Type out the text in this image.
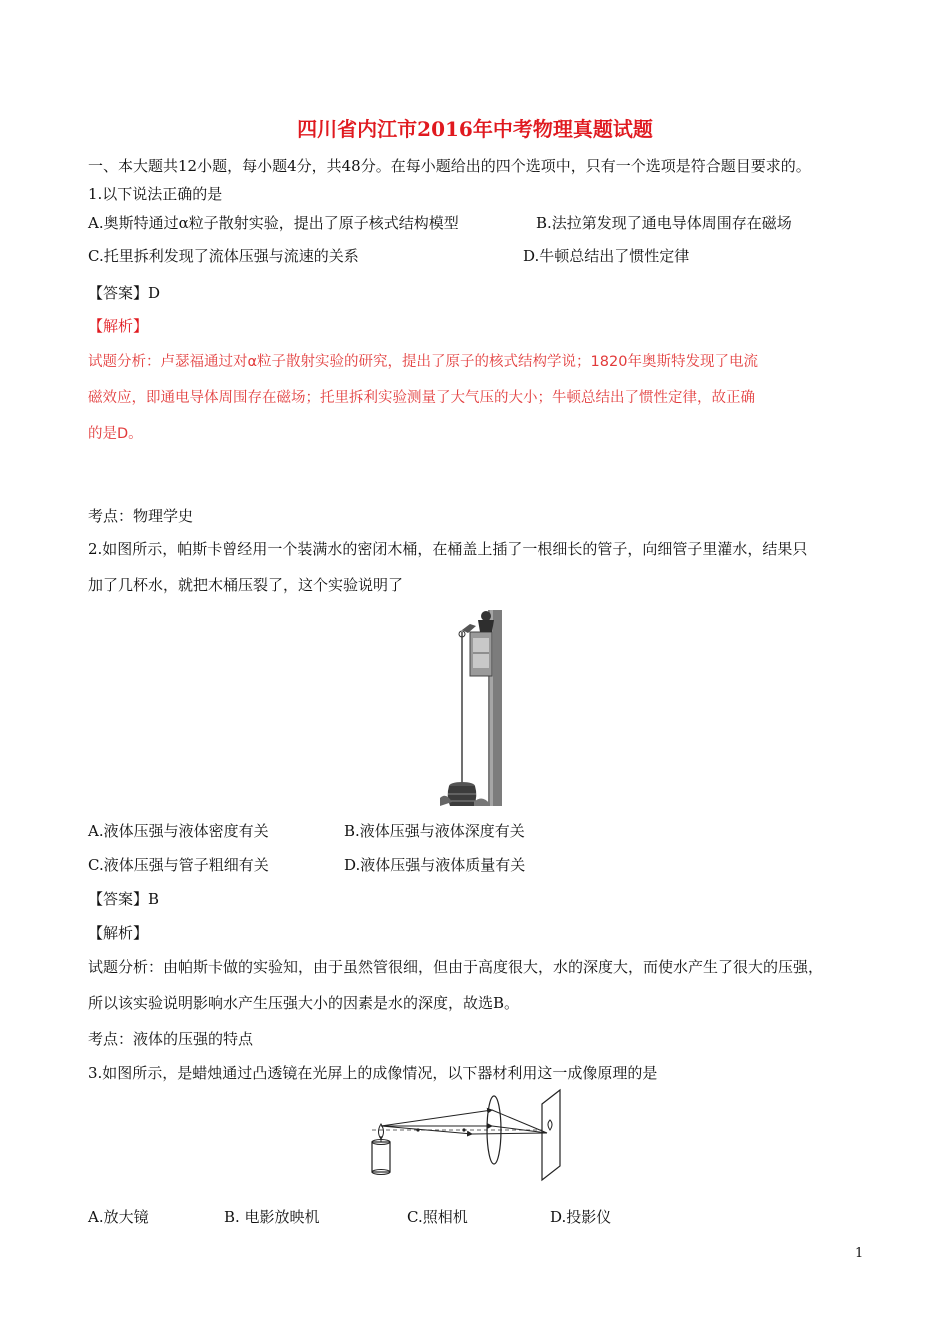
四川省内江市2016年中考物理真题试题
一、本大题共12小题，每小题4分，共48分。在每小题给出的四个选项中，只有一个选项是符合题目要求的。
1.以下说法正确的是
A.奥斯特通过α粒子散射实验，提出了原子核式结构模型	B.法拉第发现了通电导体周围存在磁场
C.托里拆利发现了流体压强与流速的关系	D.牛顿总结出了惯性定律
【答案】D
【解析】
试题分析：卢瑟福通过对α粒子散射实验的研究，提出了原子的核式结构学说；1820年奥斯特发现了电流
磁效应，即通电导体周围存在磁场；托里拆利实验测量了大气压的大小；牛顿总结出了惯性定律，故正确
的是D。
考点：物理学史
2.如图所示，帕斯卡曾经用一个装满水的密闭木桶，在桶盖上插了一根细长的管子，向细管子里灌水，结果只
加了几杯水，就把木桶压裂了，这个实验说明了
A.液体压强与液体密度有关	B.液体压强与液体深度有关
C.液体压强与管子粗细有关	D.液体压强与液体质量有关
【答案】B
【解析】
试题分析：由帕斯卡做的实验知，由于虽然管很细，但由于高度很大，水的深度大，而使水产生了很大的压强，
所以该实验说明影响水产生压强大小的因素是水的深度，故选B。
考点：液体的压强的特点
3.如图所示，是蜡烛通过凸透镜在光屏上的成像情况，以下器材利用这一成像原理的是
A.放大镜	B. 电影放映机	C.照相机	D.投影仪
1
